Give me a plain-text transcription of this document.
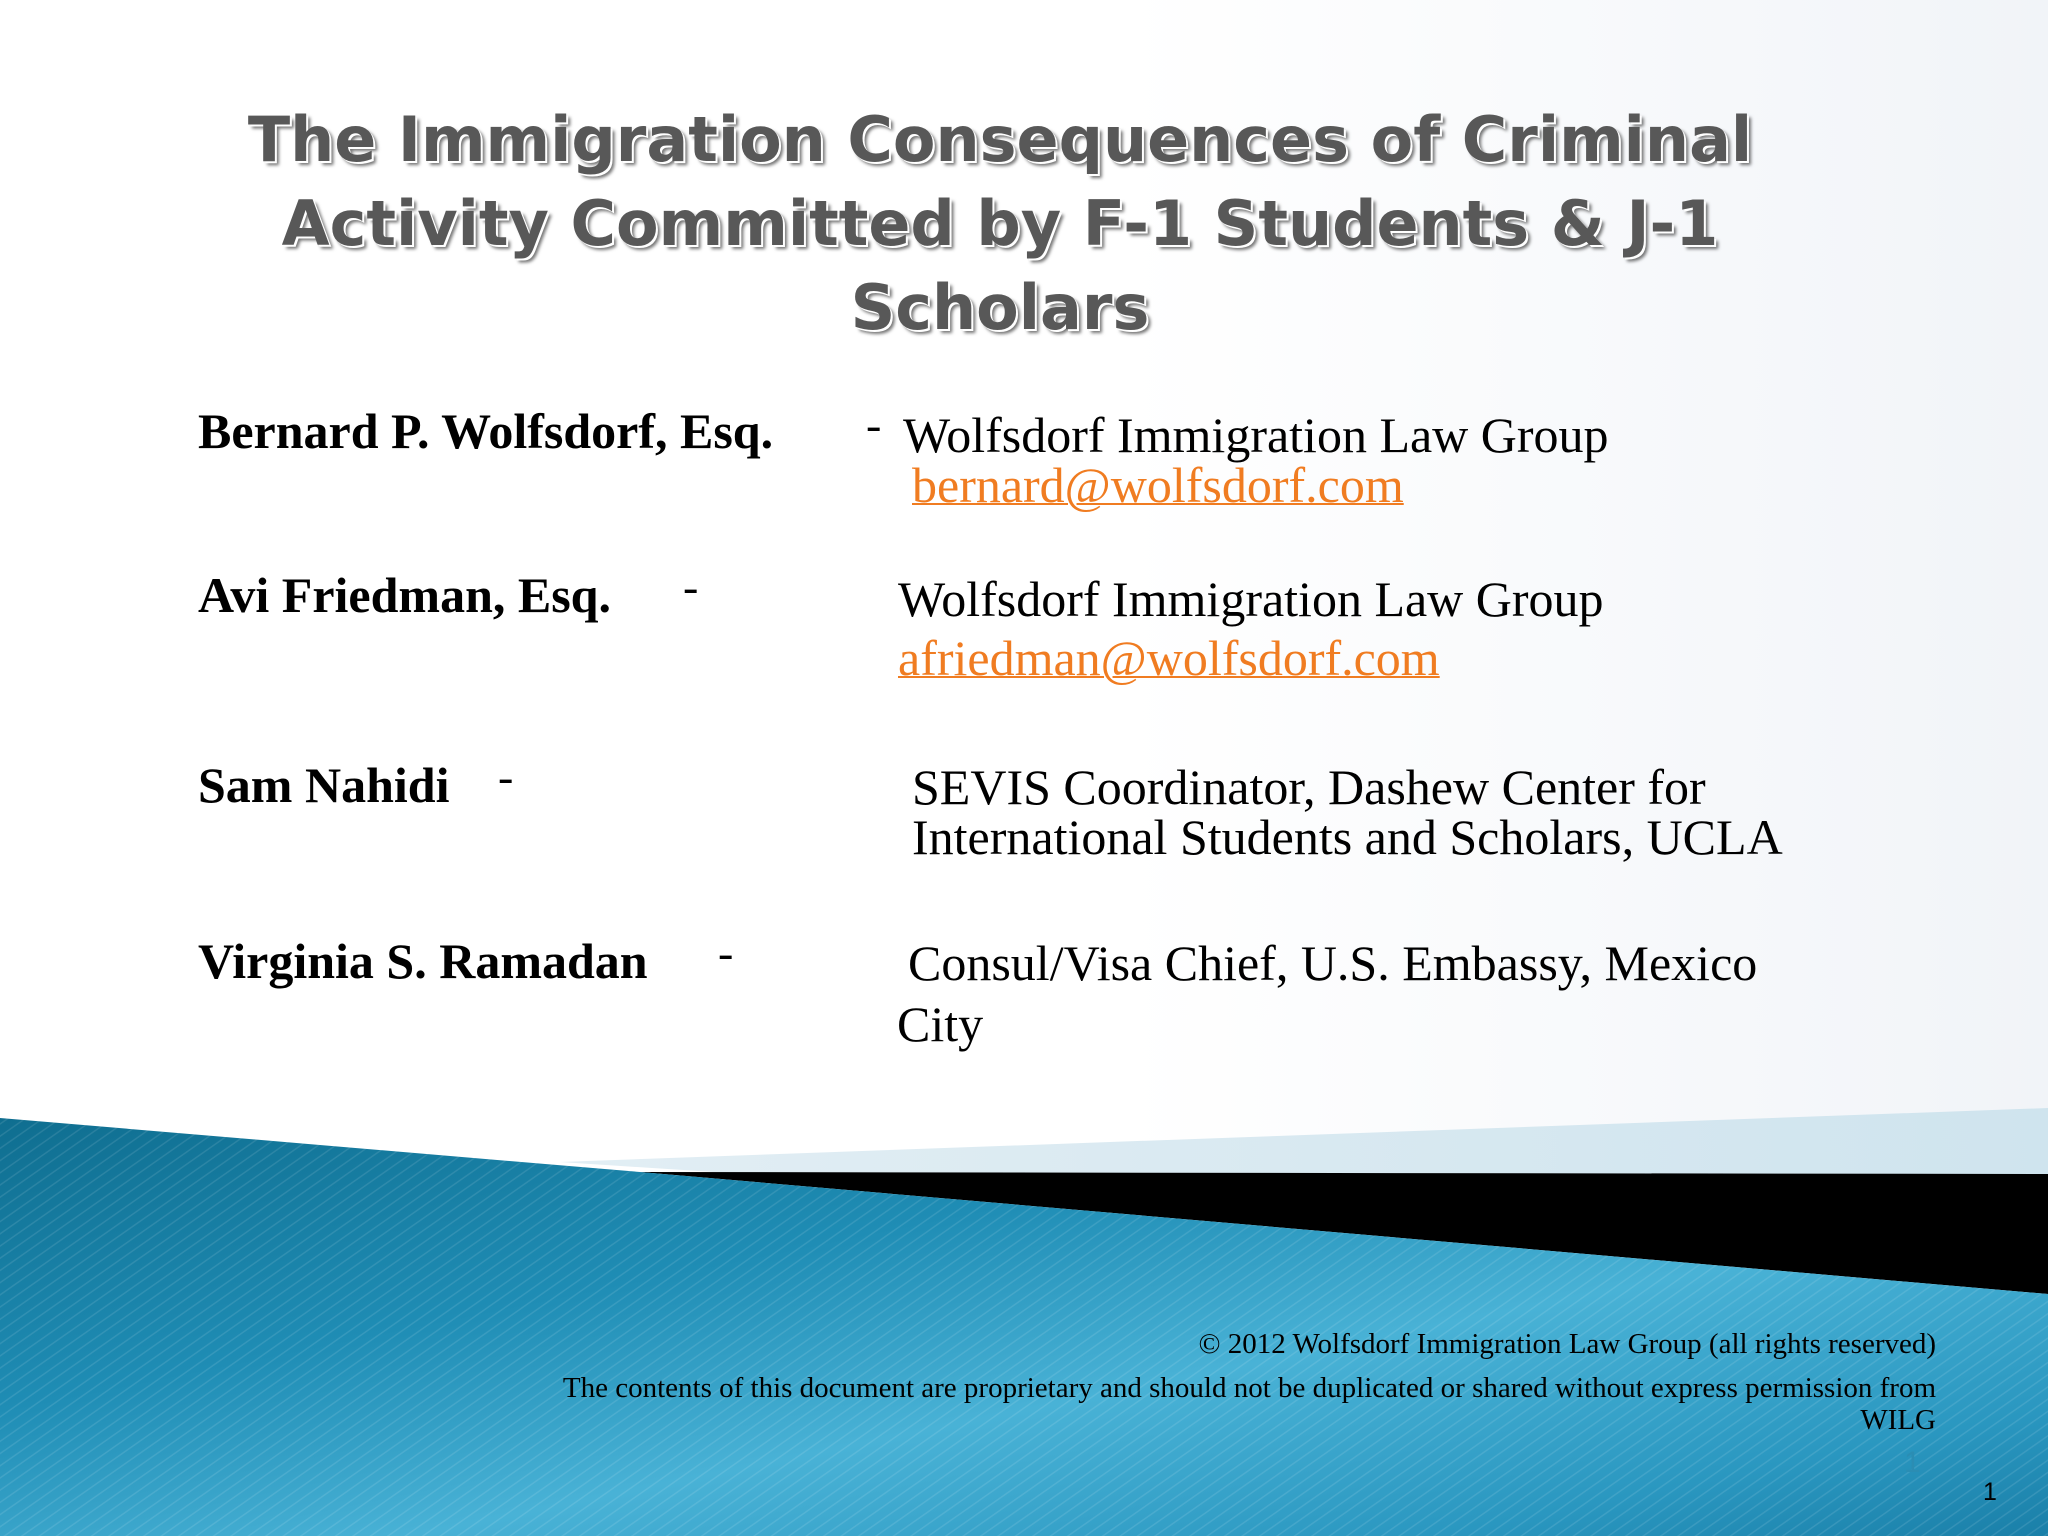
The Immigration Consequences of Criminal
Activity Committed by F-1 Students & J-1
Scholars
Bernard P. Wolfsdorf, Esq. - Wolfsdorf Immigration Law Group
bernard@wolfsdorf.com
Avi Friedman, Esq. -	Wolfsdorf Immigration Law Group
afriedman@wolfsdorf.com
Sam Nahidi -	SEVIS Coordinator, Dashew Center for
International Students and Scholars, UCLA
Virginia S. Ramadan -	Consul/Visa Chief, U.S. Embassy, Mexico
City
© 2012 Wolfsdorf Immigration Law Group (all rights reserved)
The contents of this document are proprietary and should not be duplicated or shared without express permission from
WILG
1
1
